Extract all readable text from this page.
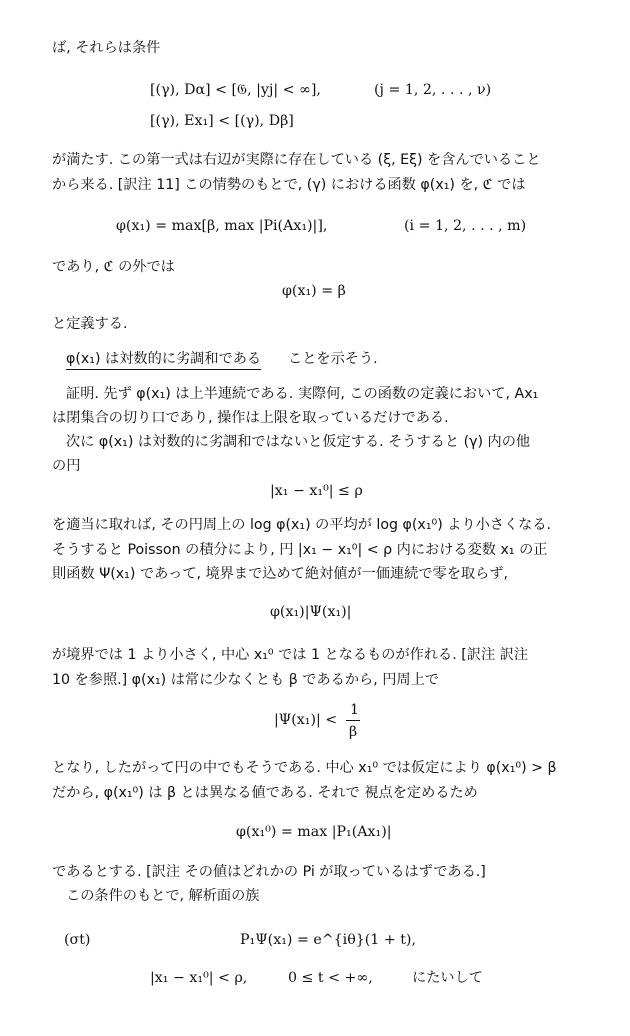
ば, それらは条件
[(γ), Dα] < [𝔊, |yj| < ∞],	(j = 1, 2, . . . , ν)
[(γ), Ex₁] < [(γ), Dβ]
が満たす. この第一式は右辺が実際に存在している (ξ, Eξ) を含んでいること
から来る. [訳注 11] この情勢のもとで, (γ) における函数 φ(x₁) を, ℭ では
φ(x₁) = max[β, max |Pi(Ax₁)|],	(i = 1, 2, . . . , m)
であり, ℭ の外では
φ(x₁) = β
と定義する.
φ(x₁) は対数的に劣調和である ことを示そう.
証明. 先ず φ(x₁) は上半連続である. 実際何, この函数の定義において, Ax₁
は閉集合の切り口であり, 操作は上限を取っているだけである.
次に φ(x₁) は対数的に劣調和ではないと仮定する. そうすると (γ) 内の他
の円
|x₁ − x₁⁰| ≤ ρ
を適当に取れば, その円周上の log φ(x₁) の平均が log φ(x₁⁰) より小さくなる.
そうすると Poisson の積分により, 円 |x₁ − x₁⁰| < ρ 内における変数 x₁ の正
則函数 Ψ(x₁) であって, 境界まで込めて絶対値が一価連続で零を取らず,
φ(x₁)|Ψ(x₁)|
が境界では 1 より小さく, 中心 x₁⁰ では 1 となるものが作れる. [訳注 訳注
10 を参照.] φ(x₁) は常に少なくとも β であるから, 円周上で
|Ψ(x₁)| <
1
β
となり, したがって円の中でもそうである. 中心 x₁⁰ では仮定により φ(x₁⁰) > β
だから, φ(x₁⁰) は β とは異なる値である. それで 視点を定めるため
φ(x₁⁰) = max |P₁(Ax₁)|
であるとする. [訳注 その値はどれかの Pi が取っているはずである.]
この条件のもとで, 解析面の族
(σt)	P₁Ψ(x₁) = e^{iθ}(1 + t),
|x₁ − x₁⁰| < ρ,	0 ≤ t < +∞,	にたいして
